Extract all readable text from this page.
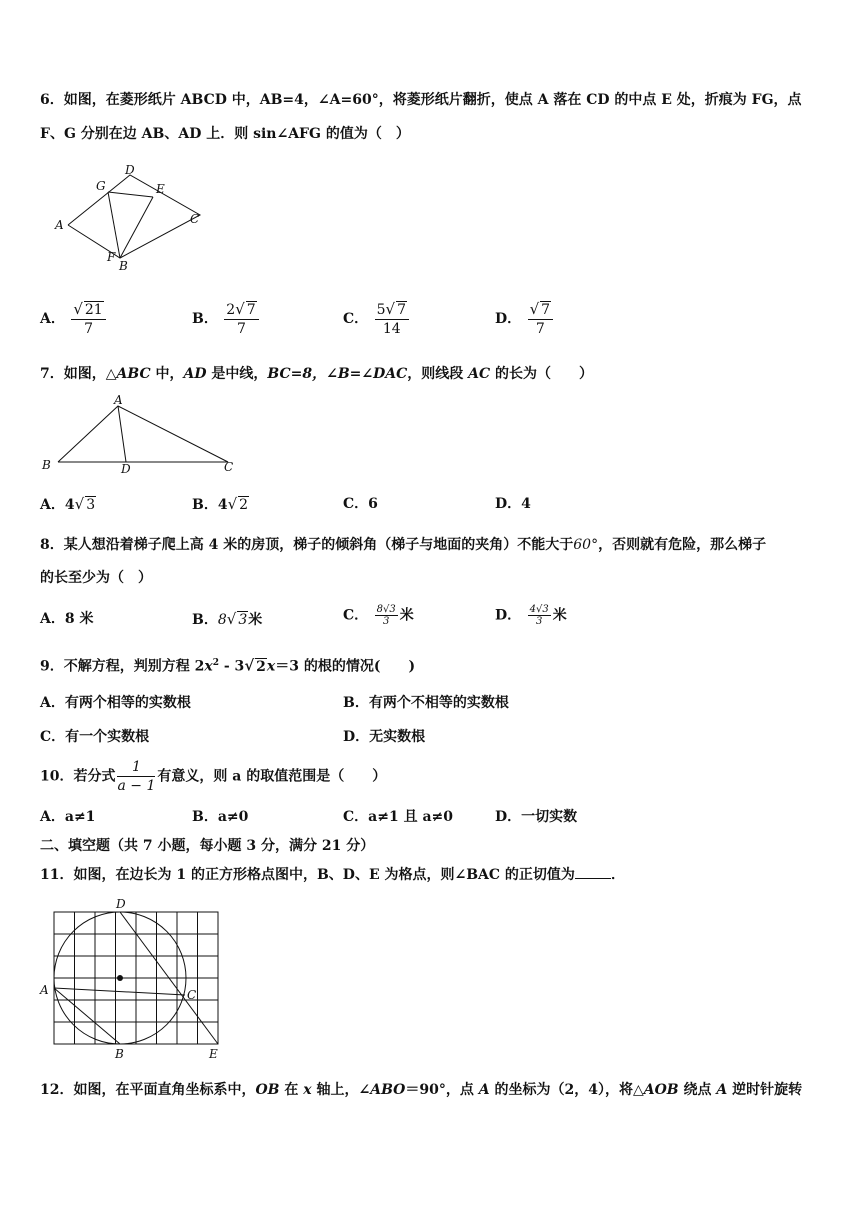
6．如图，在菱形纸片 ABCD 中，AB=4，∠A=60°，将菱形纸片翻折，使点 A 落在 CD 的中点 E 处，折痕为 FG，点
F、G 分别在边 AB、AD 上．则 sin∠AFG 的值为（　）
D
G	E
A	C
F
B
A． $\frac{√ 21}{7}$	B． $\frac{2√ 7}{7}$	C． $\frac{5√ 7}{14}$	D． $\frac{√ 7}{7}$
7．如图，△ABC 中，AD 是中线，BC=8，∠B=∠DAC，则线段 AC 的长为（　　）
A
B	D	C
A．4√ 3	B．4√ 2	C．6	D．4
8．某人想沿着梯子爬上高 4 米的房顶，梯子的倾斜角（梯子与地面的夹角）不能大于60°，否则就有危险，那么梯子
的长至少为（　）
A．8 米	B．8√ 3米	C． $\frac{8√3}{3}$ 米	D． $\frac{4√3}{3}$ 米
9．不解方程，判别方程 $2x^2 - 3√$ 2x＝3 的根的情况(　　)
A．有两个相等的实数根	B．有两个不相等的实数根
C．有一个实数根	D．无实数根
10．若分式 $\frac{1}{a - 1}$ 有意义，则 a 的取值范围是（　　）
A．a≠1	B．a≠0	C．a≠1 且 a≠0	D．一切实数
二、填空题（共 7 小题，每小题 3 分，满分 21 分）
11．如图，在边长为 1 的正方形格点图中，B、D、E 为格点，则∠BAC 的正切值为	．
D
A	C
B	E
12．如图，在平面直角坐标系中，OB 在 x 轴上，∠ABO＝90°，点 A 的坐标为（2，4），将△AOB 绕点 A 逆时针旋转
